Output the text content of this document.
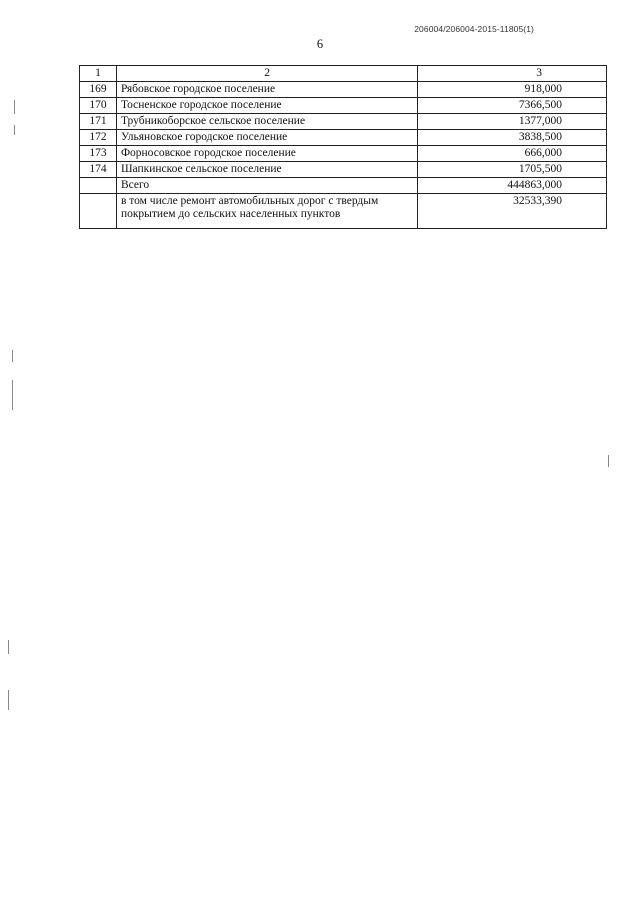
206004/206004-2015-11805(1)
6
1	2	3
169	Рябовское городское поселение	918,000
170	Тосненское городское поселение	7366,500
171	Трубникоборское сельское поселение	1377,000
172	Ульяновское городское поселение	3838,500
173	Форносовское городское поселение	666,000
174	Шапкинское сельское поселение	1705,500
	Всего	444863,000
	в том числе ремонт автомобильных дорог с твердым покрытием до сельских населенных пунктов	32533,390
